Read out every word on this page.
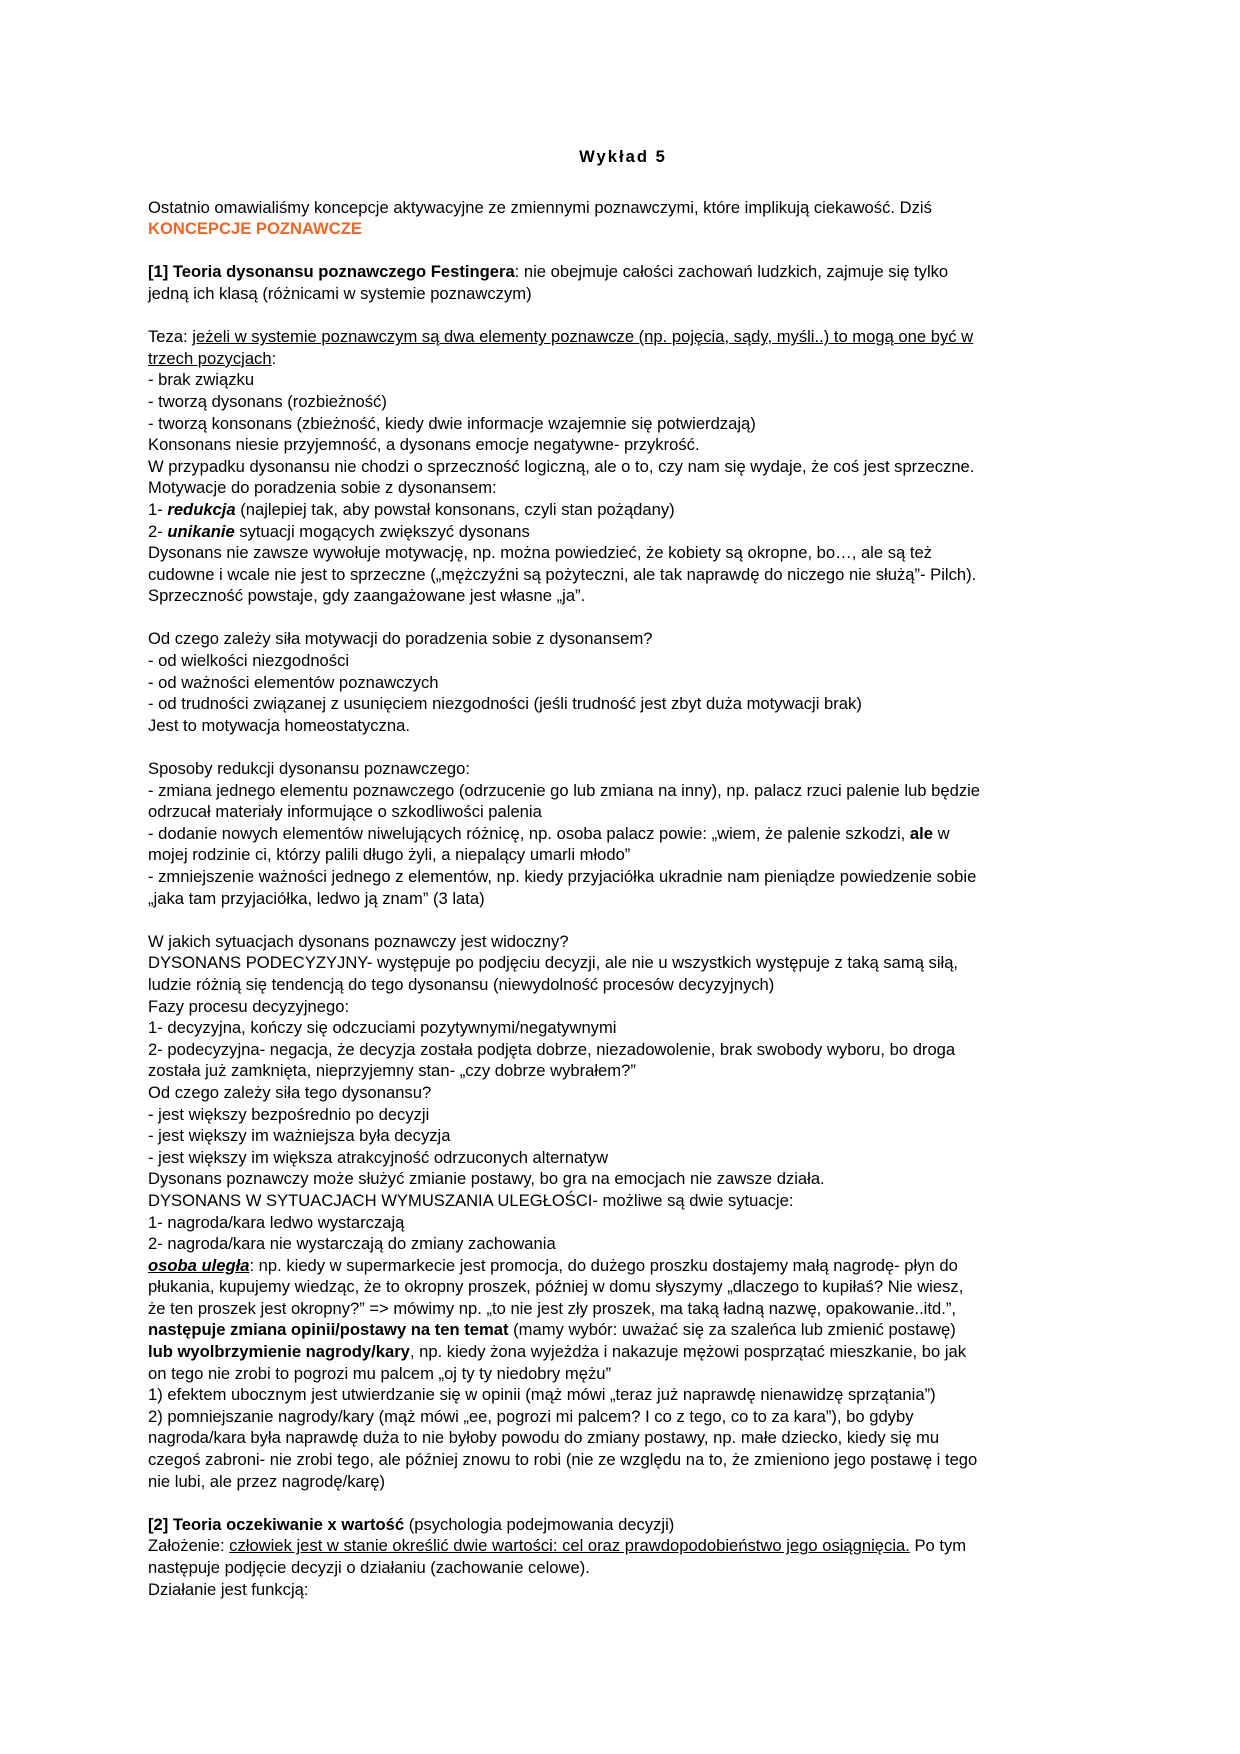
Wykład 5

Ostatnio omawialiśmy koncepcje aktywacyjne ze zmiennymi poznawczymi, które implikują ciekawość. Dziś

KONCEPCJE POZNAWCZE

[1] Teoria dysonansu poznawczego Festingera: nie obejmuje całości zachowań ludzkich, zajmuje się tylko

jedną ich klasą (różnicami w systemie poznawczym)

Teza: jeżeli w systemie poznawczym są dwa elementy poznawcze (np. pojęcia, sądy, myśli..) to mogą one być w

trzech pozycjach:

- brak związku

- tworzą dysonans (rozbieżność)

- tworzą konsonans (zbieżność, kiedy dwie informacje wzajemnie się potwierdzają)

Konsonans niesie przyjemność, a dysonans emocje negatywne- przykrość.

W przypadku dysonansu nie chodzi o sprzeczność logiczną, ale o to, czy nam się wydaje, że coś jest sprzeczne.

Motywacje do poradzenia sobie z dysonansem:

1- redukcja (najlepiej tak, aby powstał konsonans, czyli stan pożądany)

2- unikanie sytuacji mogących zwiększyć dysonans

Dysonans nie zawsze wywołuje motywację, np. można powiedzieć, że kobiety są okropne, bo…, ale są też

cudowne i wcale nie jest to sprzeczne („mężczyźni są pożyteczni, ale tak naprawdę do niczego nie służą”- Pilch).

Sprzeczność powstaje, gdy zaangażowane jest własne „ja”.

Od czego zależy siła motywacji do poradzenia sobie z dysonansem?

- od wielkości niezgodności

- od ważności elementów poznawczych

- od trudności związanej z usunięciem niezgodności (jeśli trudność jest zbyt duża motywacji brak)

Jest to motywacja homeostatyczna.

Sposoby redukcji dysonansu poznawczego:

- zmiana jednego elementu poznawczego (odrzucenie go lub zmiana na inny), np. palacz rzuci palenie lub będzie

odrzucał materiały informujące o szkodliwości palenia

- dodanie nowych elementów niwelujących różnicę, np. osoba palacz powie: „wiem, że palenie szkodzi, ale w

mojej rodzinie ci, którzy palili długo żyli, a niepalący umarli młodo”

- zmniejszenie ważności jednego z elementów, np. kiedy przyjaciółka ukradnie nam pieniądze powiedzenie sobie

„jaka tam przyjaciółka, ledwo ją znam” (3 lata)

W jakich sytuacjach dysonans poznawczy jest widoczny?

DYSONANS PODECYZYJNY- występuje po podjęciu decyzji, ale nie u wszystkich występuje z taką samą siłą,

ludzie różnią się tendencją do tego dysonansu (niewydolność procesów decyzyjnych)

Fazy procesu decyzyjnego:

1- decyzyjna, kończy się odczuciami pozytywnymi/negatywnymi

2- podecyzyjna- negacja, że decyzja została podjęta dobrze, niezadowolenie, brak swobody wyboru, bo droga

została już zamknięta, nieprzyjemny stan- „czy dobrze wybrałem?”

Od czego zależy siła tego dysonansu?

- jest większy bezpośrednio po decyzji

- jest większy im ważniejsza była decyzja

- jest większy im większa atrakcyjność odrzuconych alternatyw

Dysonans poznawczy może służyć zmianie postawy, bo gra na emocjach nie zawsze działa.

DYSONANS W SYTUACJACH WYMUSZANIA ULEGŁOŚCI- możliwe są dwie sytuacje:

1- nagroda/kara ledwo wystarczają

2- nagroda/kara nie wystarczają do zmiany zachowania

osoba uległa: np. kiedy w supermarkecie jest promocja, do dużego proszku dostajemy małą nagrodę- płyn do

płukania, kupujemy wiedząc, że to okropny proszek, później w domu słyszymy „dlaczego to kupiłaś? Nie wiesz,

że ten proszek jest okropny?” => mówimy np. „to nie jest zły proszek, ma taką ładną nazwę, opakowanie..itd.”,

następuje zmiana opinii/postawy na ten temat (mamy wybór: uważać się za szaleńca lub zmienić postawę)

lub wyolbrzymienie nagrody/kary, np. kiedy żona wyjeżdża i nakazuje mężowi posprzątać mieszkanie, bo jak

on tego nie zrobi to pogrozi mu palcem „oj ty ty niedobry mężu”

1) efektem ubocznym jest utwierdzanie się w opinii (mąż mówi „teraz już naprawdę nienawidzę sprzątania”)

2) pomniejszanie nagrody/kary (mąż mówi „ee, pogrozi mi palcem? I co z tego, co to za kara”), bo gdyby

nagroda/kara była naprawdę duża to nie byłoby powodu do zmiany postawy, np. małe dziecko, kiedy się mu

czegoś zabroni- nie zrobi tego, ale później znowu to robi (nie ze względu na to, że zmieniono jego postawę i tego

nie lubi, ale przez nagrodę/karę)

[2] Teoria oczekiwanie x wartość (psychologia podejmowania decyzji)

Założenie: człowiek jest w stanie określić dwie wartości: cel oraz prawdopodobieństwo jego osiągnięcia. Po tym

następuje podjęcie decyzji o działaniu (zachowanie celowe).

Działanie jest funkcją:
